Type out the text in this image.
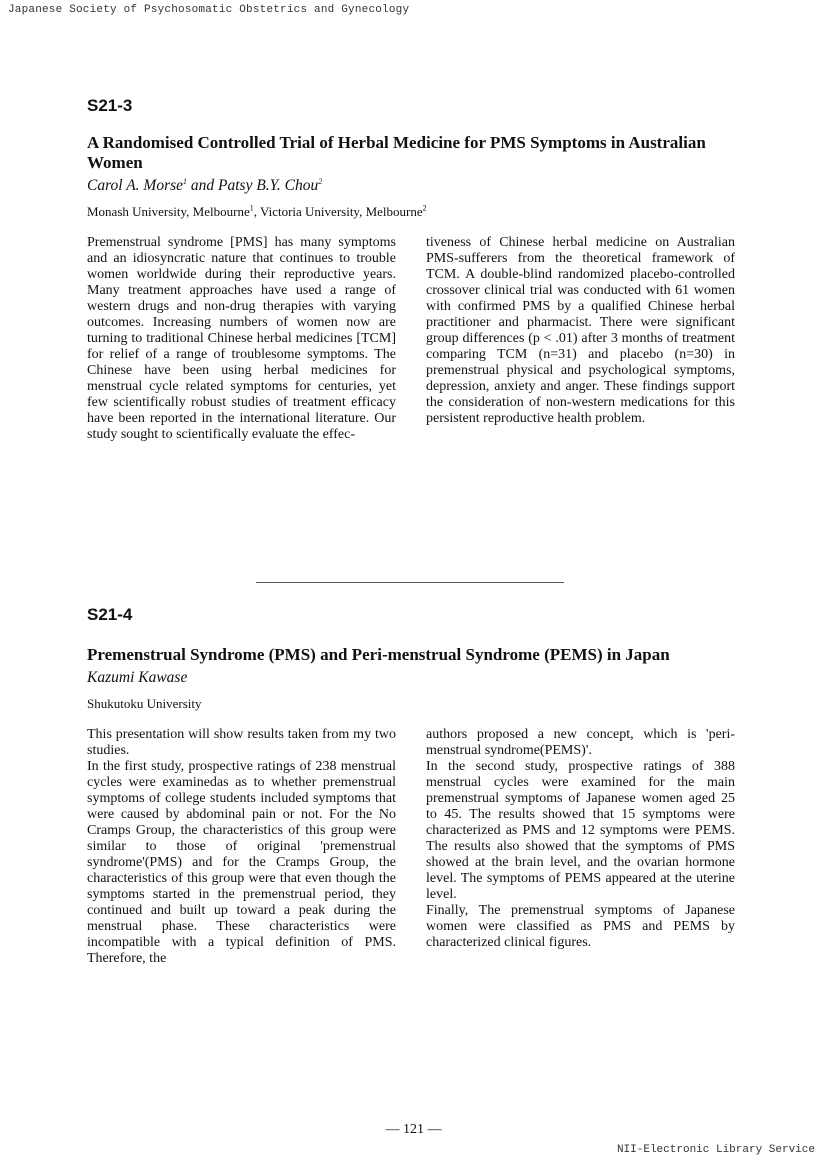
Japanese Society of Psychosomatic Obstetrics and Gynecology
S21-3
A Randomised Controlled Trial of Herbal Medicine for PMS Symptoms in Australian Women
Carol A. Morse$^1$ and Patsy B.Y. Chou$^2$
Monash University, Melbourne$^1$, Victoria University, Melbourne$^2$

Premenstrual syndrome [PMS] has many symptoms and an idiosyncratic nature that continues to trouble women worldwide during their reproductive years. Many treatment approaches have used a range of western drugs and non-drug therapies with varying outcomes. Increasing numbers of women now are turning to traditional Chinese herbal medicines [TCM] for relief of a range of troublesome symptoms. The Chinese have been using herbal medicines for menstrual cycle related symptoms for centuries, yet few scientifically robust studies of treatment efficacy have been reported in the international literature. Our study sought to scientifically evaluate the effec-

tiveness of Chinese herbal medicine on Australian PMS-sufferers from the theoretical framework of TCM. A double-blind randomized placebo-controlled crossover clinical trial was conducted with 61 women with confirmed PMS by a qualified Chinese herbal practitioner and pharmacist. There were significant group differences (p < .01) after 3 months of treatment comparing TCM (n=31) and placebo (n=30) in premenstrual physical and psychological symptoms, depression, anxiety and anger. These findings support the consideration of non-western medications for this persistent reproductive health problem.

S21-4
Premenstrual Syndrome (PMS) and Peri-menstrual Syndrome (PEMS) in Japan
Kazumi Kawase
Shukutoku University

This presentation will show results taken from my two studies.

In the first study, prospective ratings of 238 menstrual cycles were examinedas as to whether premenstrual symptoms of college students included symptoms that were caused by abdominal pain or not. For the No Cramps Group, the characteristics of this group were similar to those of original 'premenstrual syndrome'(PMS) and for the Cramps Group, the characteristics of this group were that even though the symptoms started in the premenstrual period, they continued and built up toward a peak during the menstrual phase. These characteristics were incompatible with a typical definition of PMS. Therefore, the

authors proposed a new concept, which is 'peri-menstrual syndrome(PEMS)'.

In the second study, prospective ratings of 388 menstrual cycles were examined for the main premenstrual symptoms of Japanese women aged 25 to 45. The results showed that 15 symptoms were characterized as PMS and 12 symptoms were PEMS. The results also showed that the symptoms of PMS showed at the brain level, and the ovarian hormone level. The symptoms of PEMS appeared at the uterine level.

Finally, The premenstrual symptoms of Japanese women were classified as PMS and PEMS by characterized clinical figures.

— 121 —
NII-Electronic Library Service
